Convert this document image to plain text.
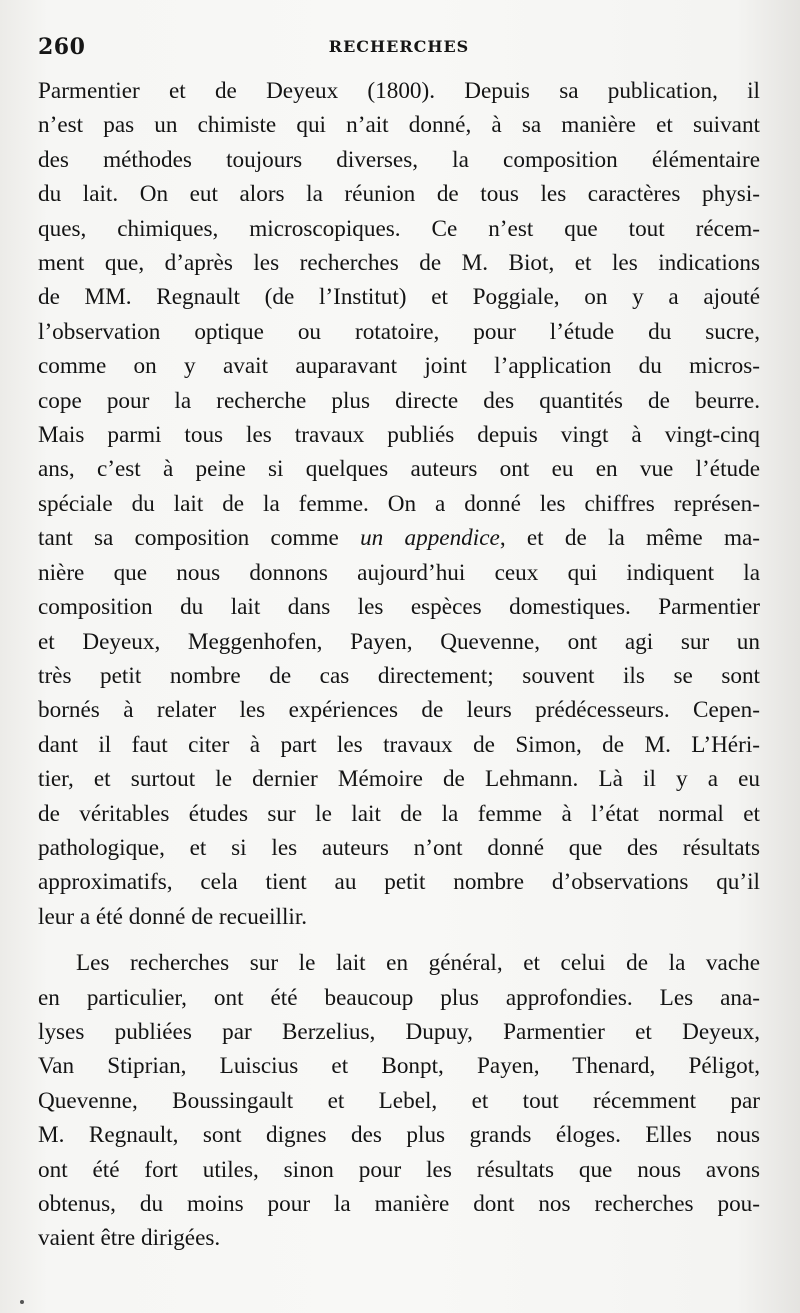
260	RECHERCHES
Parmentier et de Deyeux (1800). Depuis sa publication, il
n’est pas un chimiste qui n’ait donné, à sa manière et suivant
des méthodes toujours diverses, la composition élémentaire
du lait. On eut alors la réunion de tous les caractères physi-
ques, chimiques, microscopiques. Ce n’est que tout récem-
ment que, d’après les recherches de M. Biot, et les indications
de MM. Regnault (de l’Institut) et Poggiale, on y a ajouté
l’observation optique ou rotatoire, pour l’étude du sucre,
comme on y avait auparavant joint l’application du micros-
cope pour la recherche plus directe des quantités de beurre.
Mais parmi tous les travaux publiés depuis vingt à vingt-cinq
ans, c’est à peine si quelques auteurs ont eu en vue l’étude
spéciale du lait de la femme. On a donné les chiffres représen-
tant sa composition comme un appendice, et de la même ma-
nière que nous donnons aujourd’hui ceux qui indiquent la
composition du lait dans les espèces domestiques. Parmentier
et Deyeux, Meggenhofen, Payen, Quevenne, ont agi sur un
très petit nombre de cas directement; souvent ils se sont
bornés à relater les expériences de leurs prédécesseurs. Cepen-
dant il faut citer à part les travaux de Simon, de M. L’Héri-
tier, et surtout le dernier Mémoire de Lehmann. Là il y a eu
de véritables études sur le lait de la femme à l’état normal et
pathologique, et si les auteurs n’ont donné que des résultats
approximatifs, cela tient au petit nombre d’observations qu’il
leur a été donné de recueillir.
Les recherches sur le lait en général, et celui de la vache
en particulier, ont été beaucoup plus approfondies. Les ana-
lyses publiées par Berzelius, Dupuy, Parmentier et Deyeux,
Van Stiprian, Luiscius et Bonpt, Payen, Thenard, Péligot,
Quevenne, Boussingault et Lebel, et tout récemment par
M. Regnault, sont dignes des plus grands éloges. Elles nous
ont été fort utiles, sinon pour les résultats que nous avons
obtenus, du moins pour la manière dont nos recherches pou-
vaient être dirigées.
